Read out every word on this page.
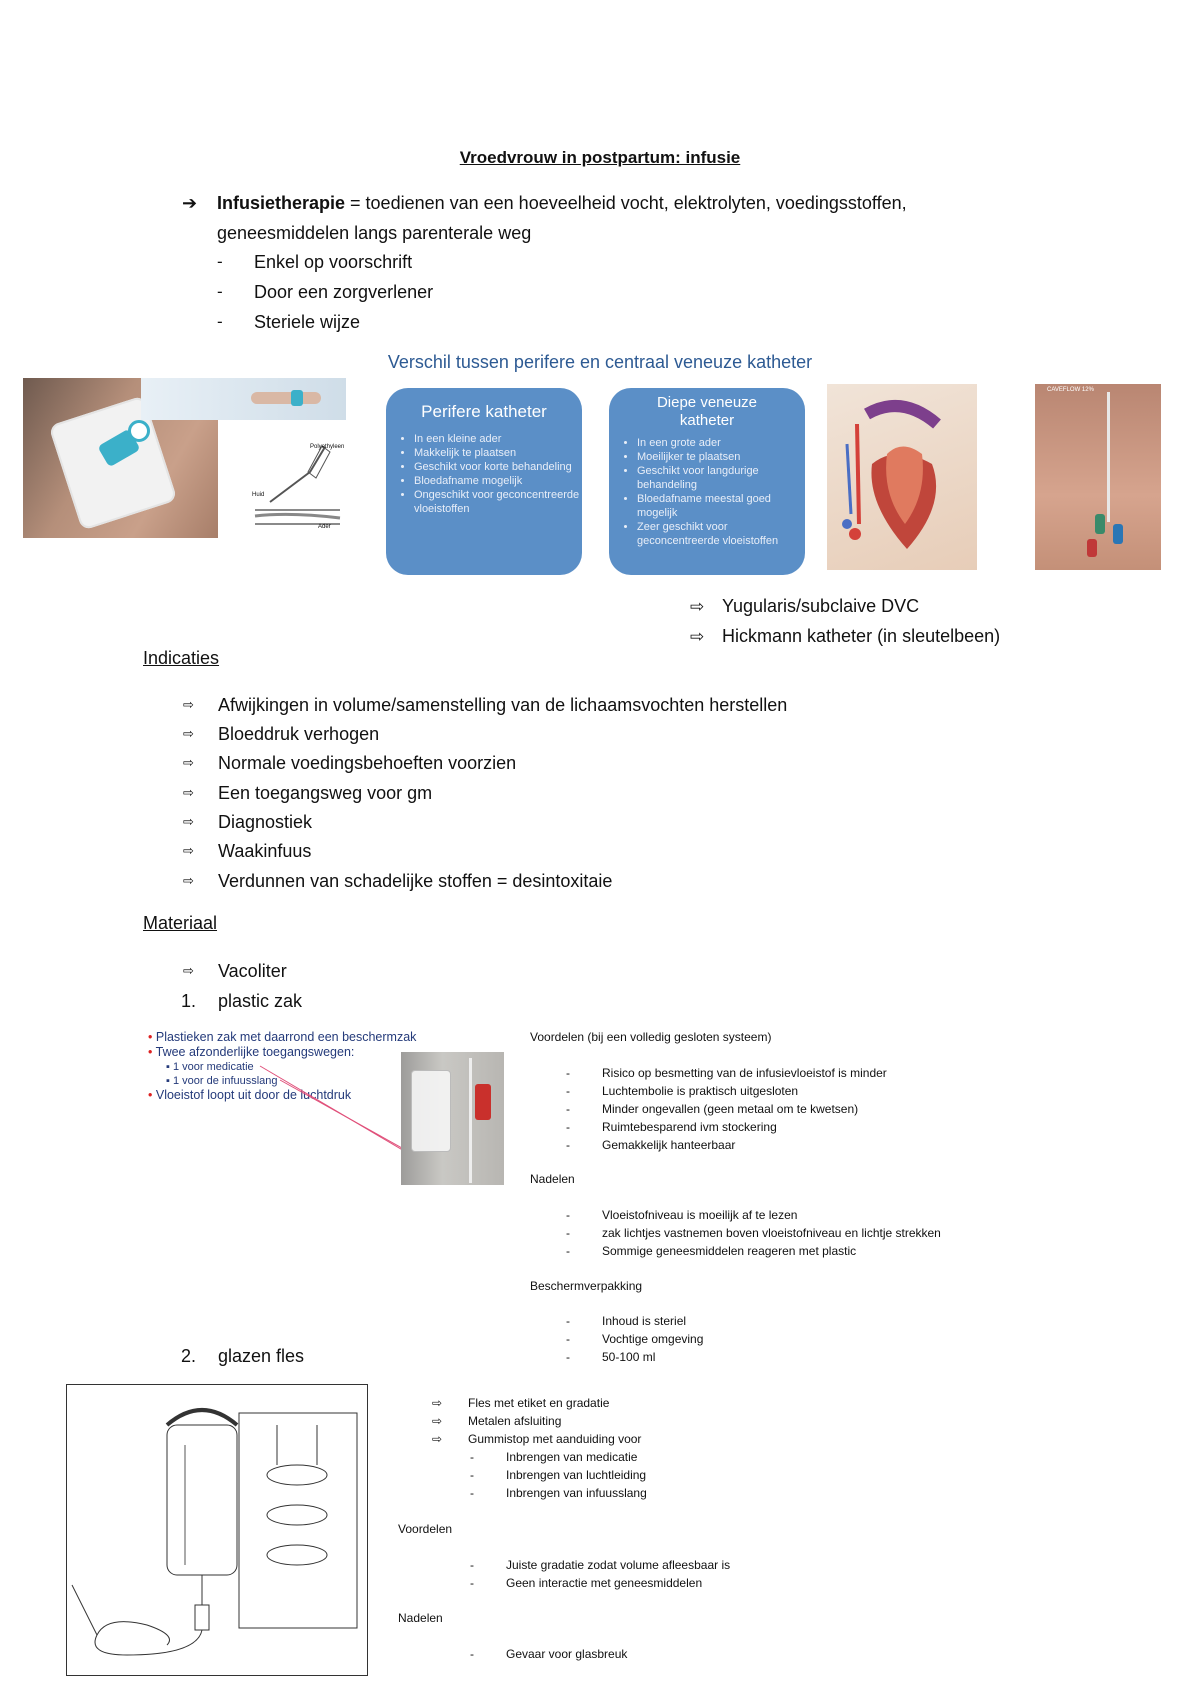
Vroedvrouw in postpartum: infusie
➔ Infusietherapie = toedienen van een hoeveelheid vocht, elektrolyten, voedingsstoffen,
geneesmiddelen langs parenterale weg
- Enkel op voorschrift
- Door een zorgverlener
- Steriele wijze
Verschil tussen perifere en centraal veneuze katheter
Polyethyleen
Huid
Ader
Perifere katheter
• In een kleine ader
• Makkelijk te plaatsen
• Geschikt voor korte behandeling
• Bloedafname mogelijk
• Ongeschikt voor geconcentreerde vloeistoffen
Diepe veneuze katheter
• In een grote ader
• Moeilijker te plaatsen
• Geschikt voor langdurige behandeling
• Bloedafname meestal goed mogelijk
• Zeer geschikt voor geconcentreerde vloeistoffen
CAVEFLOW 12%
⇨ Yugularis/subclaive DVC
⇨ Hickmann katheter (in sleutelbeen)
Indicaties
⇨ Afwijkingen in volume/samenstelling van de lichaamsvochten herstellen
⇨ Bloeddruk verhogen
⇨ Normale voedingsbehoeften voorzien
⇨ Een toegangsweg voor gm
⇨ Diagnostiek
⇨ Waakinfuus
⇨ Verdunnen van schadelijke stoffen = desintoxitaie
Materiaal
⇨ Vacoliter
1. plastic zak
• Plastieken zak met daarrond een beschermzak
• Twee afzonderlijke toegangswegen:
▪ 1 voor medicatie
▪ 1 voor de infuusslang
• Vloeistof loopt uit door de luchtdruk
Voordelen (bij een volledig gesloten systeem)
-	Risico op besmetting van de infusievloeistof is minder
-	Luchtembolie is praktisch uitgesloten
-	Minder ongevallen (geen metaal om te kwetsen)
-	Ruimtebesparend ivm stockering
-	Gemakkelijk hanteerbaar
Nadelen
-	Vloeistofniveau is moeilijk af te lezen
-	zak lichtjes vastnemen boven vloeistofniveau en lichtje strekken
-	Sommige geneesmiddelen reageren met plastic
Beschermverpakking
-	Inhoud is steriel
-	Vochtige omgeving
-	50-100 ml
2. glazen fles
⇨ Fles met etiket en gradatie
⇨ Metalen afsluiting
⇨ Gummistop met aanduiding voor
-	Inbrengen van medicatie
-	Inbrengen van luchtleiding
-	Inbrengen van infuusslang
Voordelen
-	Juiste gradatie zodat volume afleesbaar is
-	Geen interactie met geneesmiddelen
Nadelen
-	Gevaar voor glasbreuk
